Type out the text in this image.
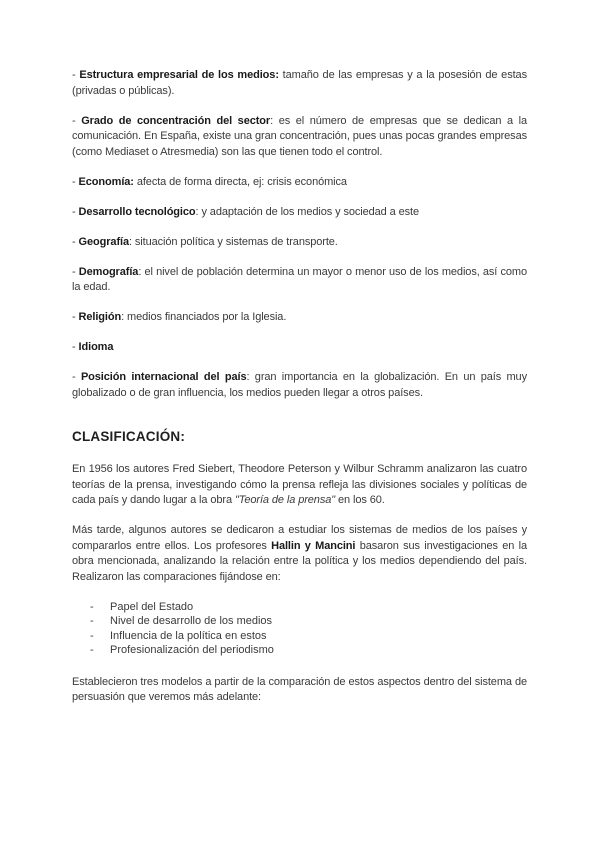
- Estructura empresarial de los medios: tamaño de las empresas y a la posesión de estas (privadas o públicas).

- Grado de concentración del sector: es el número de empresas que se dedican a la comunicación. En España, existe una gran concentración, pues unas pocas grandes empresas (como Mediaset o Atresmedia) son las que tienen todo el control.

- Economía: afecta de forma directa, ej: crisis económica

- Desarrollo tecnológico: y adaptación de los medios y sociedad a este

- Geografía: situación política y sistemas de transporte.

- Demografía: el nivel de población determina un mayor o menor uso de los medios, así como la edad.

- Religión: medios financiados por la Iglesia.

- Idioma

- Posición internacional del país: gran importancia en la globalización. En un país muy globalizado o de gran influencia, los medios pueden llegar a otros países.

CLASIFICACIÓN:

En 1956 los autores Fred Siebert, Theodore Peterson y Wilbur Schramm analizaron las cuatro teorías de la prensa, investigando cómo la prensa refleja las divisiones sociales y políticas de cada país y dando lugar a la obra "Teoría de la prensa" en los 60.

Más tarde, algunos autores se dedicaron a estudiar los sistemas de medios de los países y compararlos entre ellos. Los profesores Hallin y Mancini basaron sus investigaciones en la obra mencionada, analizando la relación entre la política y los medios dependiendo del país. Realizaron las comparaciones fijándose en:

- Papel del Estado
- Nivel de desarrollo de los medios
- Influencia de la política en estos
- Profesionalización del periodismo

Establecieron tres modelos a partir de la comparación de estos aspectos dentro del sistema de persuasión que veremos más adelante:
